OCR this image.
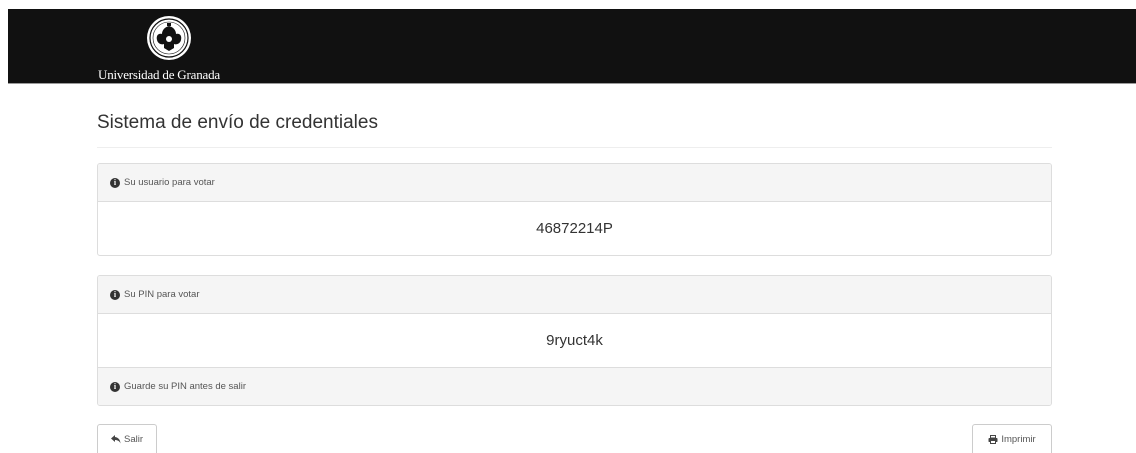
Universidad de Granada
Sistema de envío de credentiales
i Su usuario para votar
46872214P
i Su PIN para votar
9ryuct4k
i Guarde su PIN antes de salir
Salir	Imprimir
